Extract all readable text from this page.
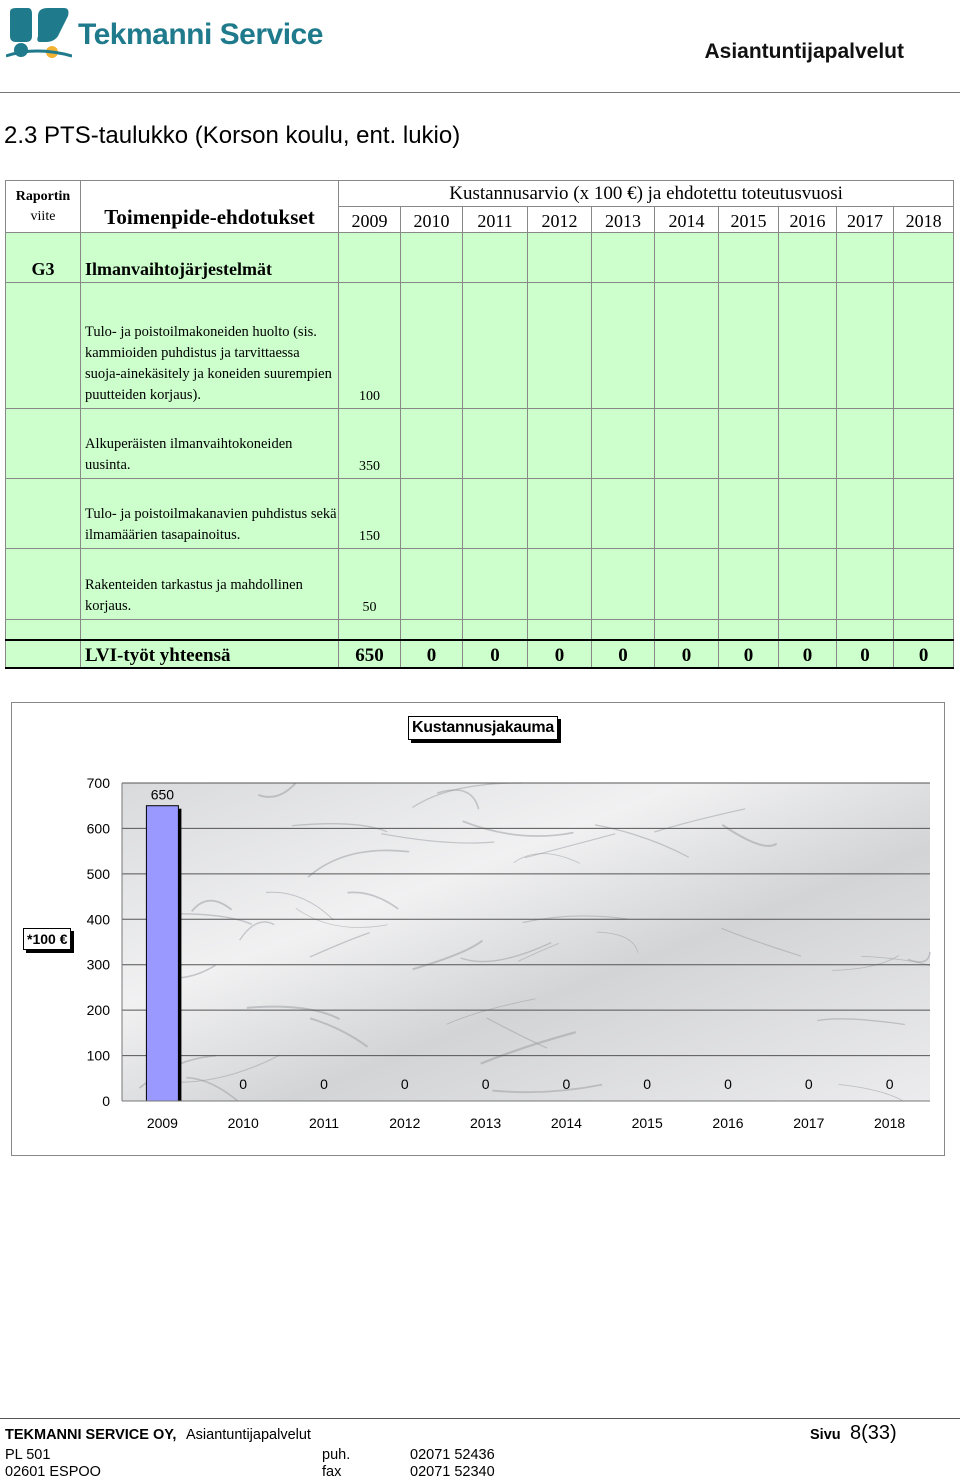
Tekmanni Service
Asiantuntijapalvelut
2.3 PTS-taulukko (Korson koulu, ent. lukio)
Raportin
viite	Toimenpide-ehdotukset	Kustannusarvio (x 100 €) ja ehdotettu toteutusvuosi									
		2009	2010	2011	2012	2013	2014	2015	2016	2017	2018
G3	Ilmanvaihtojärjestelmät										
	Tulo- ja poistoilmakoneiden huolto (sis. kammioiden puhdistus ja tarvittaessa suoja-ainekäsitely ja koneiden suurempien puutteiden korjaus).	100									
	Alkuperäisten ilmanvaihtokoneiden uusinta.	350									
	Tulo- ja poistoilmakanavien puhdistus sekä ilmamäärien tasapainoitus.	150									
	Rakenteiden tarkastus ja mahdollinen korjaus.	50									

	LVI-työt yhteensä	650	0	0	0	0	0	0	0	0	0
0
100
200
300
400
500
600
700
650
2009
0
2010
0
2011
0
2012
0
2013
0
2014
0
2015
0
2016
0
2017
0
2018
Kustannusjakauma
*100 €
TEKMANNI SERVICE OY, Asiantuntijapalvelut	Sivu 8(33)
PL 501
02601 ESPOO
puh.
fax
02071 52436
02071 52340
